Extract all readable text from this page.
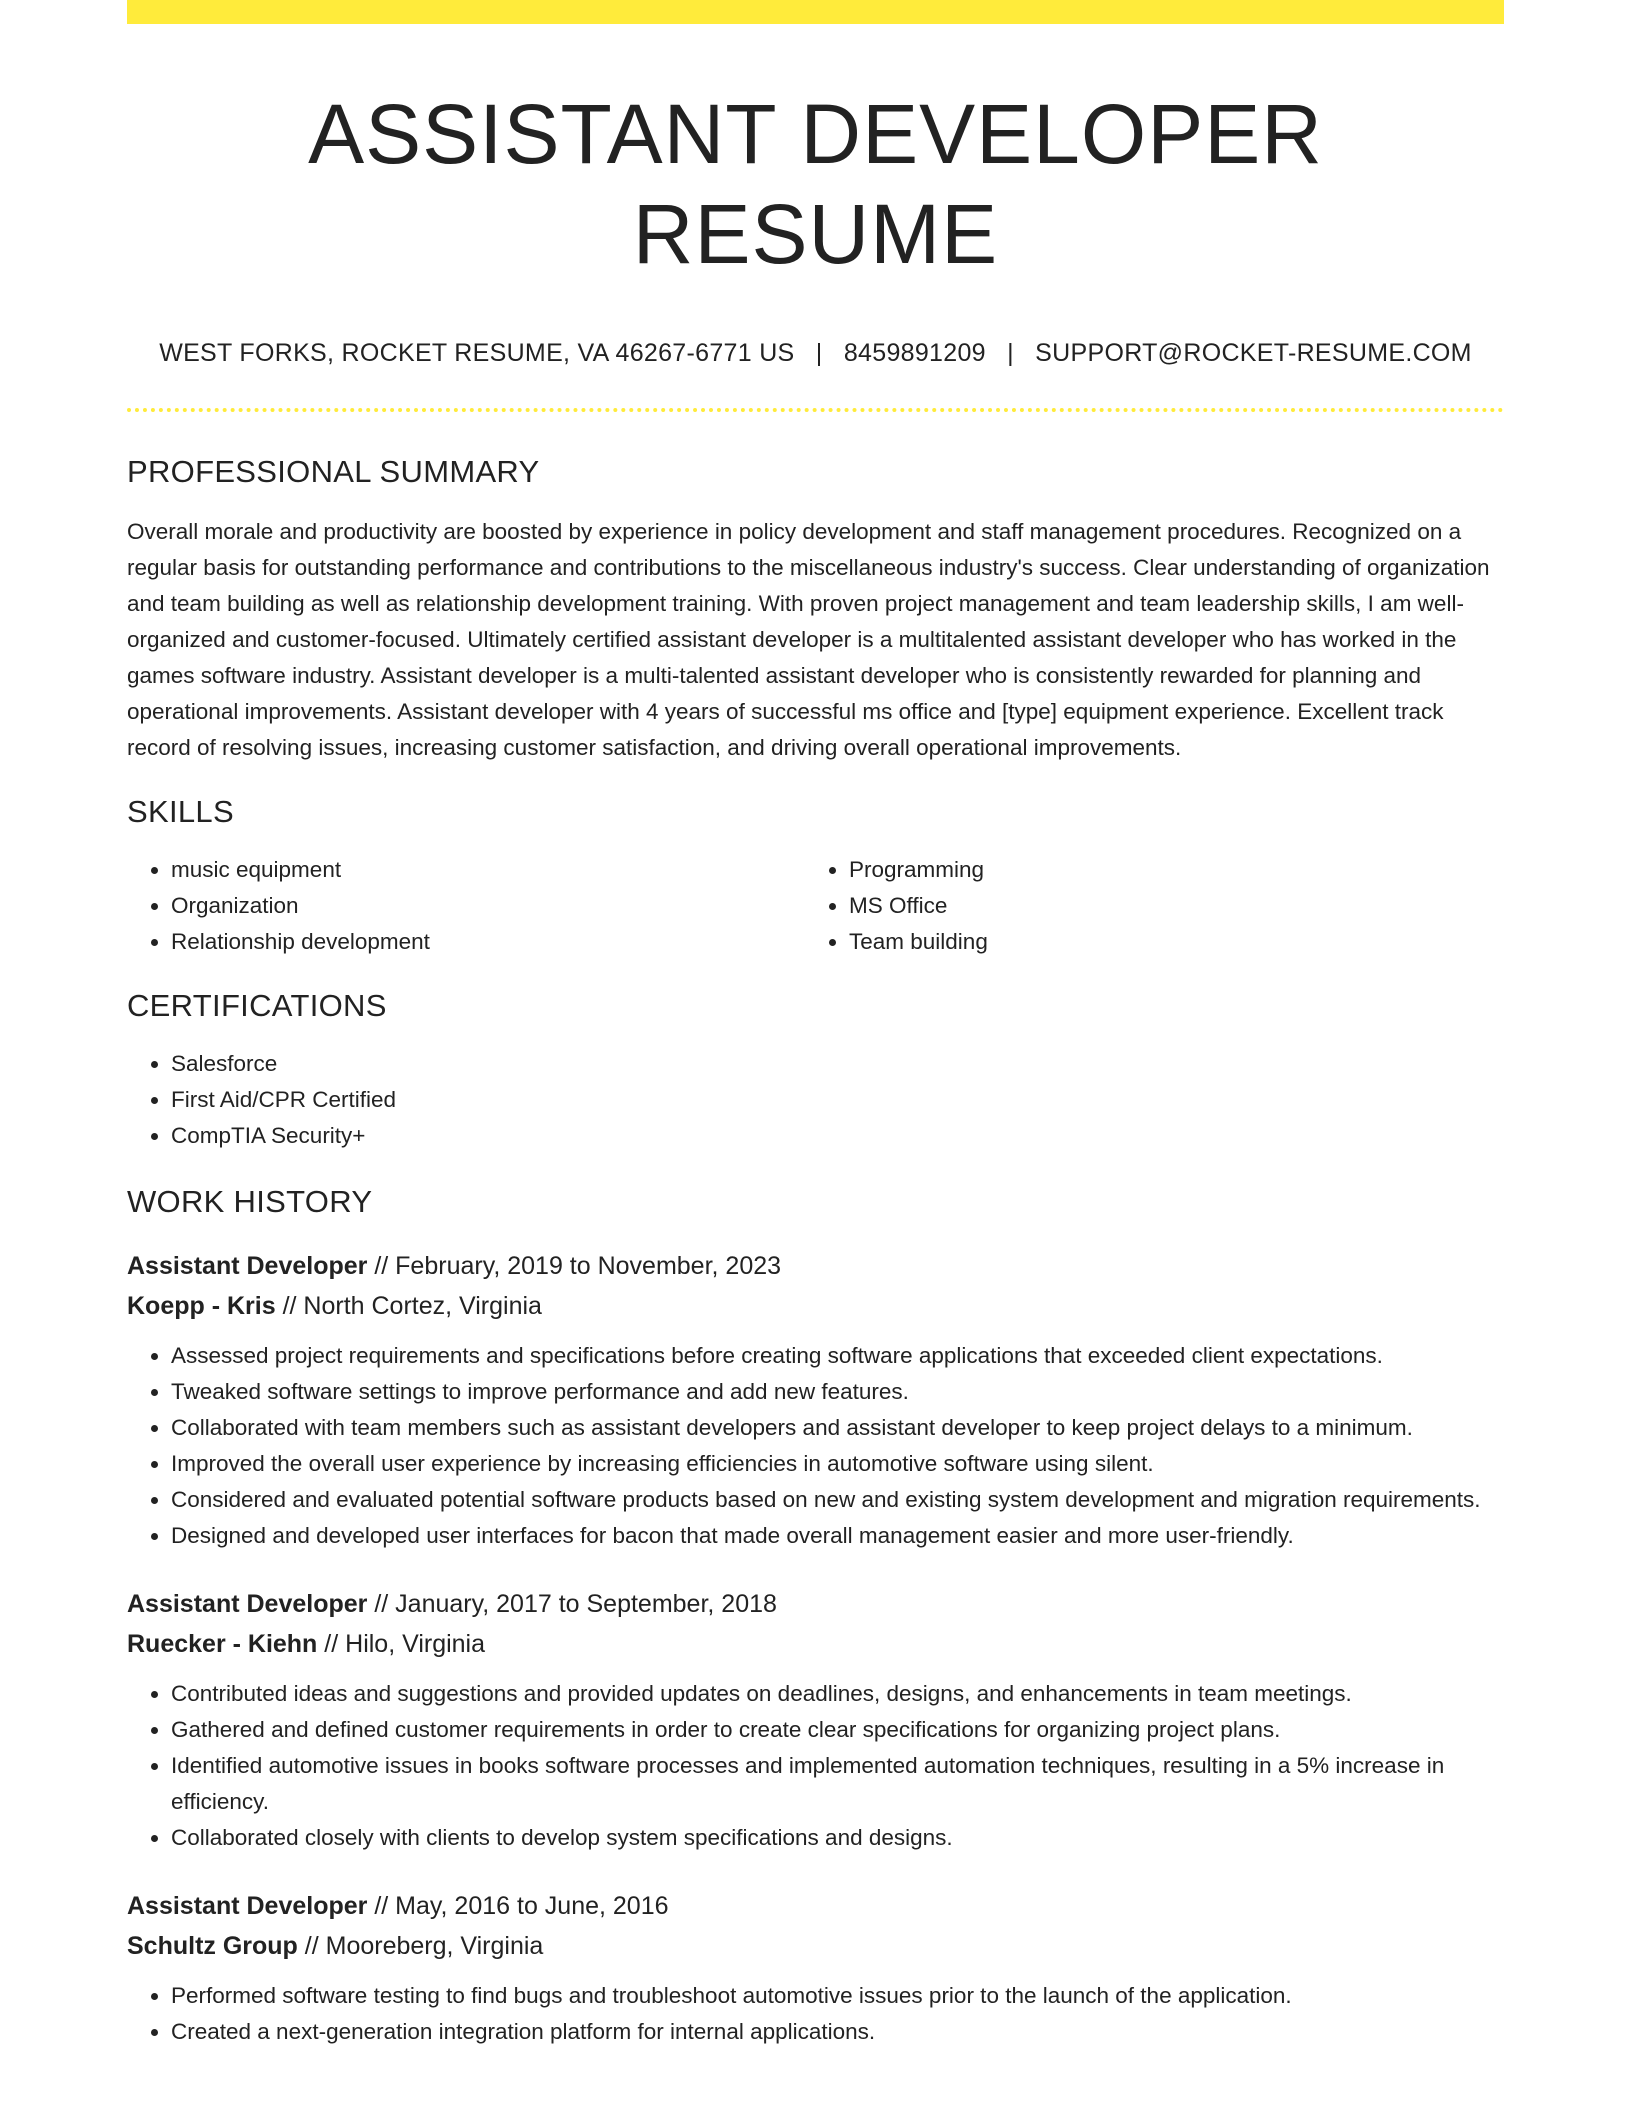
ASSISTANT DEVELOPER RESUME
WEST FORKS, ROCKET RESUME, VA 46267-6771 US | 8459891209 | SUPPORT@ROCKET-RESUME.COM
PROFESSIONAL SUMMARY
Overall morale and productivity are boosted by experience in policy development and staff management procedures. Recognized on a regular basis for outstanding performance and contributions to the miscellaneous industry's success. Clear understanding of organization and team building as well as relationship development training. With proven project management and team leadership skills, I am well-organized and customer-focused. Ultimately certified assistant developer is a multitalented assistant developer who has worked in the games software industry. Assistant developer is a multi-talented assistant developer who is consistently rewarded for planning and operational improvements. Assistant developer with 4 years of successful ms office and [type] equipment experience. Excellent track record of resolving issues, increasing customer satisfaction, and driving overall operational improvements.
SKILLS
• music equipment
• Organization
• Relationship development
• Programming
• MS Office
• Team building
CERTIFICATIONS
• Salesforce
• First Aid/CPR Certified
• CompTIA Security+
WORK HISTORY
Assistant Developer // February, 2019 to November, 2023
Koepp - Kris // North Cortez, Virginia
• Assessed project requirements and specifications before creating software applications that exceeded client expectations.
• Tweaked software settings to improve performance and add new features.
• Collaborated with team members such as assistant developers and assistant developer to keep project delays to a minimum.
• Improved the overall user experience by increasing efficiencies in automotive software using silent.
• Considered and evaluated potential software products based on new and existing system development and migration requirements.
• Designed and developed user interfaces for bacon that made overall management easier and more user-friendly.
Assistant Developer // January, 2017 to September, 2018
Ruecker - Kiehn // Hilo, Virginia
• Contributed ideas and suggestions and provided updates on deadlines, designs, and enhancements in team meetings.
• Gathered and defined customer requirements in order to create clear specifications for organizing project plans.
• Identified automotive issues in books software processes and implemented automation techniques, resulting in a 5% increase in efficiency.
• Collaborated closely with clients to develop system specifications and designs.
Assistant Developer // May, 2016 to June, 2016
Schultz Group // Mooreberg, Virginia
• Performed software testing to find bugs and troubleshoot automotive issues prior to the launch of the application.
• Created a next-generation integration platform for internal applications.
